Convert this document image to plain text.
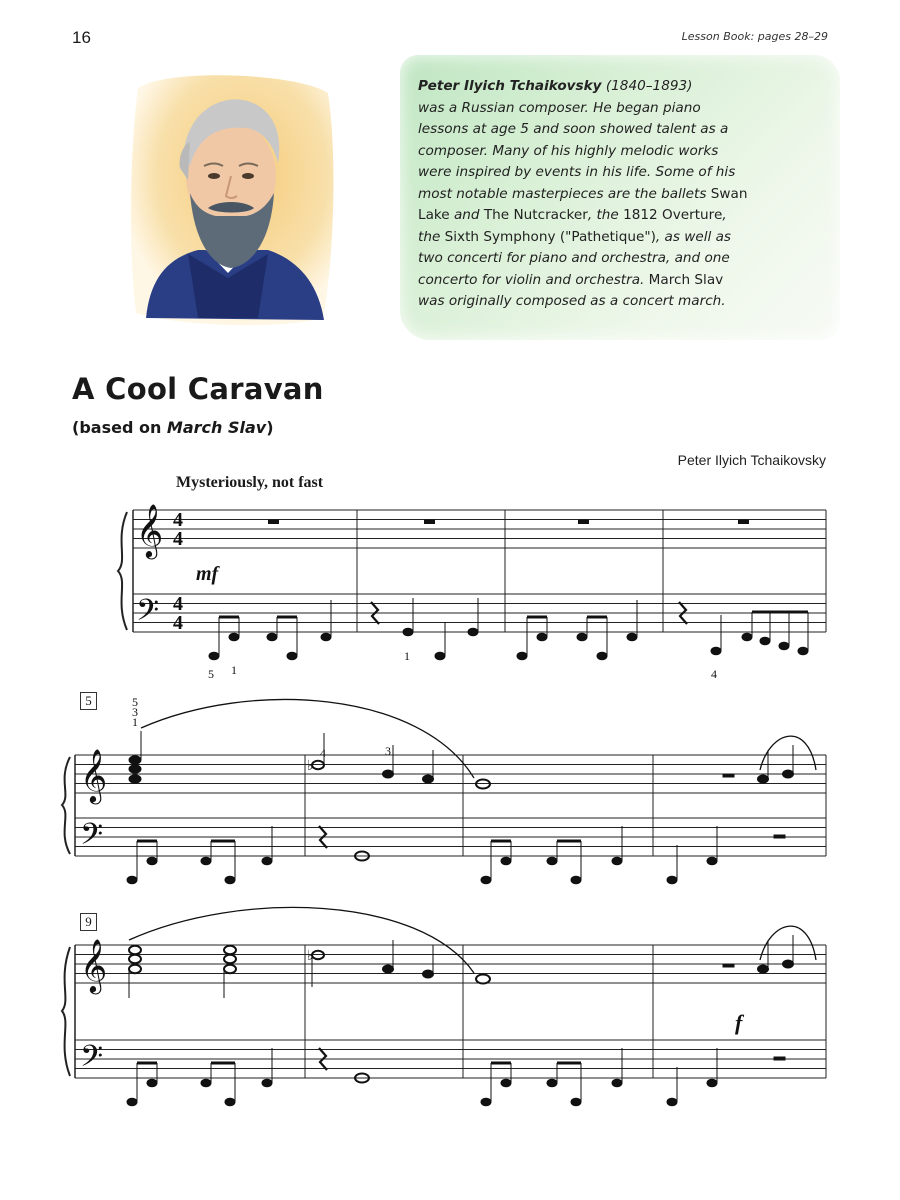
16	Lesson Book: pages 28–29
Peter Ilyich Tchaikovsky (1840–1893)
was a Russian composer. He began piano
lessons at age 5 and soon showed talent as a
composer. Many of his highly melodic works
were inspired by events in his life. Some of his
most notable masterpieces are the ballets Swan
Lake and The Nutcracker, the 1812 Overture,
the Sixth Symphony ("Pathetique"), as well as
two concerti for piano and orchestra, and one
concerto for violin and orchestra. March Slav
was originally composed as a concert march.
A Cool Caravan
(based on March Slav)
Peter Ilyich Tchaikovsky
Mysteriously, not fast
5
9
𝄞
𝄢
𝄞
𝄢
𝄞
𝄢
4
4
4
4
mf
5 1
1
4
♭
5
3
1
4	3
♭
f
